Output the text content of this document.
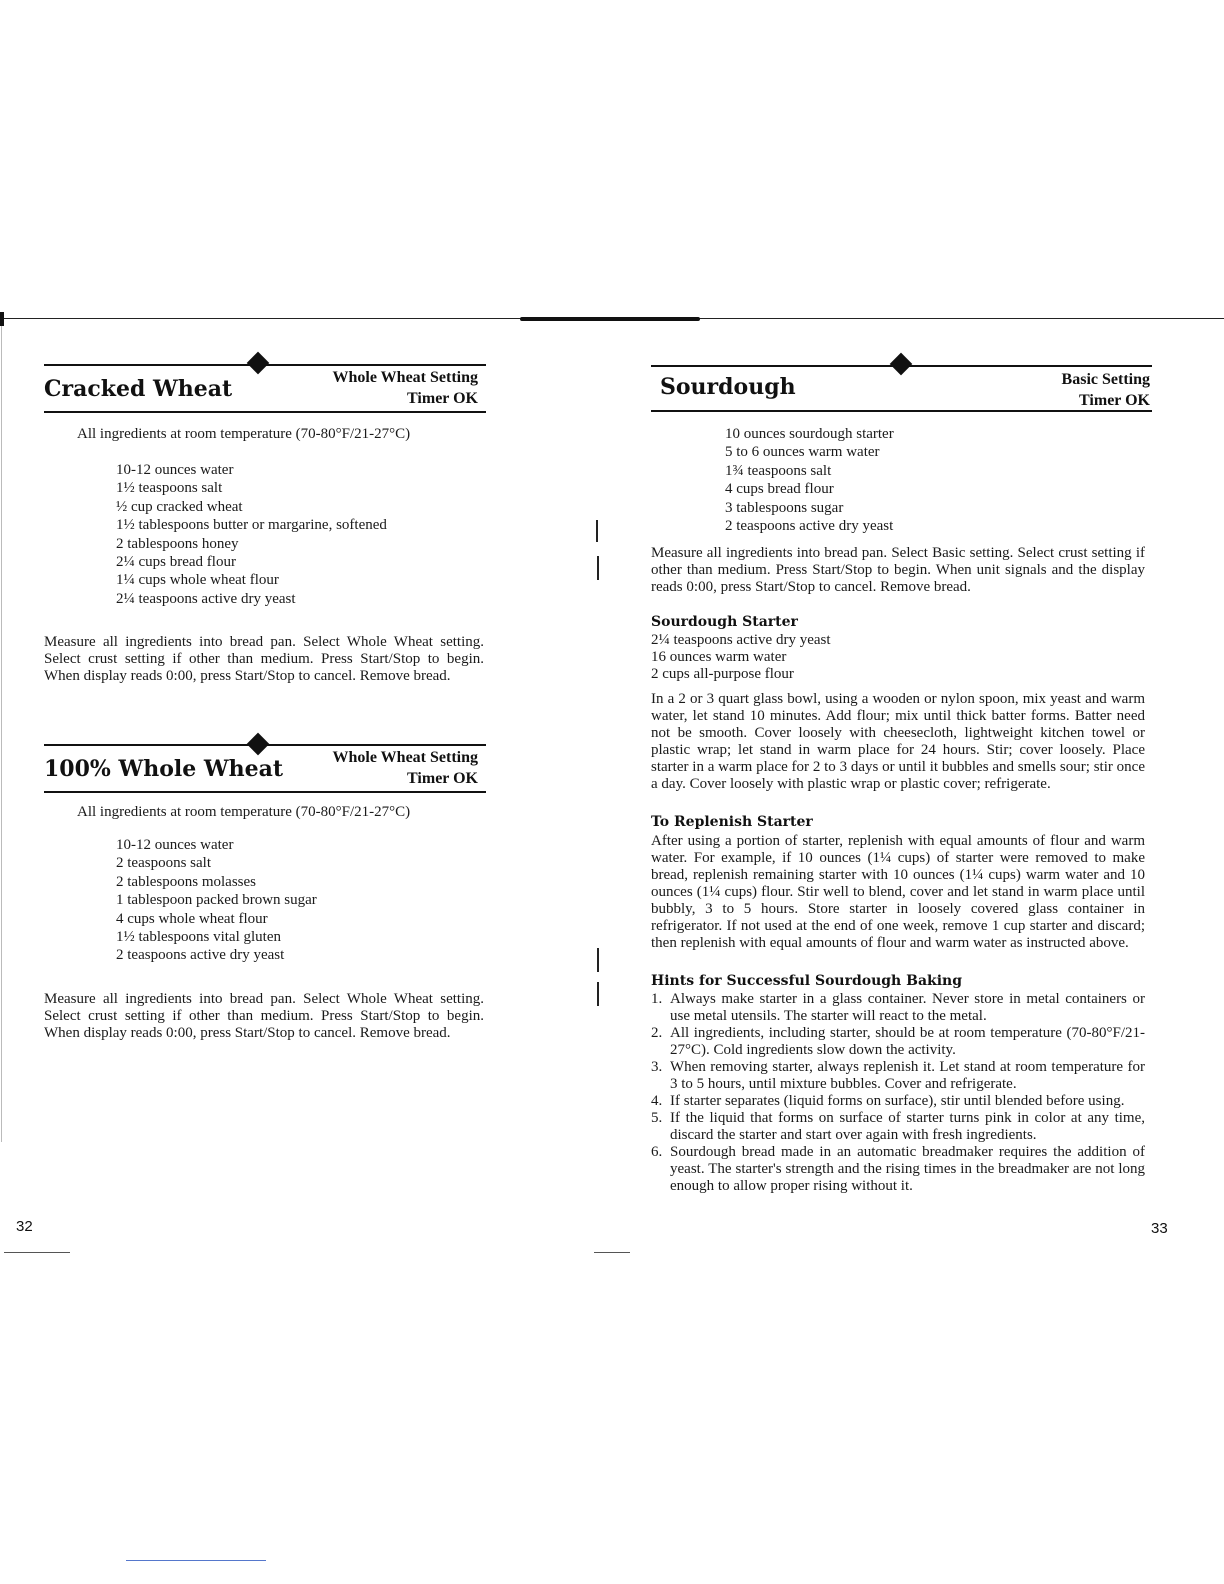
Cracked Wheat	Whole Wheat Setting
Timer OK
All ingredients at room temperature (70-80°F/21-27°C)
10-12 ounces water
1½ teaspoons salt
½ cup cracked wheat
1½ tablespoons butter or margarine, softened
2 tablespoons honey
2¼ cups bread flour
1¼ cups whole wheat flour
2¼ teaspoons active dry yeast
Measure all ingredients into bread pan. Select Whole Wheat setting. Select crust setting if other than medium. Press Start/Stop to begin. When display reads 0:00, press Start/Stop to cancel. Remove bread.
100% Whole Wheat	Whole Wheat Setting
Timer OK
All ingredients at room temperature (70-80°F/21-27°C)
10-12 ounces water
2 teaspoons salt
2 tablespoons molasses
1 tablespoon packed brown sugar
4 cups whole wheat flour
1½ tablespoons vital gluten
2 teaspoons active dry yeast
Measure all ingredients into bread pan. Select Whole Wheat setting. Select crust setting if other than medium. Press Start/Stop to begin. When display reads 0:00, press Start/Stop to cancel. Remove bread.
32
Sourdough	Basic Setting
Timer OK
10 ounces sourdough starter
5 to 6 ounces warm water
1¾ teaspoons salt
4 cups bread flour
3 tablespoons sugar
2 teaspoons active dry yeast
Measure all ingredients into bread pan. Select Basic setting. Select crust setting if other than medium. Press Start/Stop to begin. When unit signals and the display reads 0:00, press Start/Stop to cancel. Remove bread.
Sourdough Starter
2¼ teaspoons active dry yeast
16 ounces warm water
2 cups all-purpose flour
In a 2 or 3 quart glass bowl, using a wooden or nylon spoon, mix yeast and warm water, let stand 10 minutes. Add flour; mix until thick batter forms. Batter need not be smooth. Cover loosely with cheesecloth, lightweight kitchen towel or plastic wrap; let stand in warm place for 24 hours. Stir; cover loosely. Place starter in a warm place for 2 to 3 days or until it bubbles and smells sour; stir once a day. Cover loosely with plastic wrap or plastic cover; refrigerate.
To Replenish Starter
After using a portion of starter, replenish with equal amounts of flour and warm water. For example, if 10 ounces (1¼ cups) of starter were removed to make bread, replenish remaining starter with 10 ounces (1¼ cups) warm water and 10 ounces (1¼ cups) flour. Stir well to blend, cover and let stand in warm place until bubbly, 3 to 5 hours. Store starter in loosely covered glass container in refrigerator. If not used at the end of one week, remove 1 cup starter and discard; then replenish with equal amounts of flour and warm water as instructed above.
Hints for Successful Sourdough Baking
1. Always make starter in a glass container. Never store in metal containers or use metal utensils. The starter will react to the metal.
2. All ingredients, including starter, should be at room temperature (70-80°F/21-27°C). Cold ingredients slow down the activity.
3. When removing starter, always replenish it. Let stand at room temperature for 3 to 5 hours, until mixture bubbles. Cover and refrigerate.
4. If starter separates (liquid forms on surface), stir until blended before using.
5. If the liquid that forms on surface of starter turns pink in color at any time, discard the starter and start over again with fresh ingredients.
6. Sourdough bread made in an automatic breadmaker requires the addition of yeast. The starter's strength and the rising times in the breadmaker are not long enough to allow proper rising without it.
33
